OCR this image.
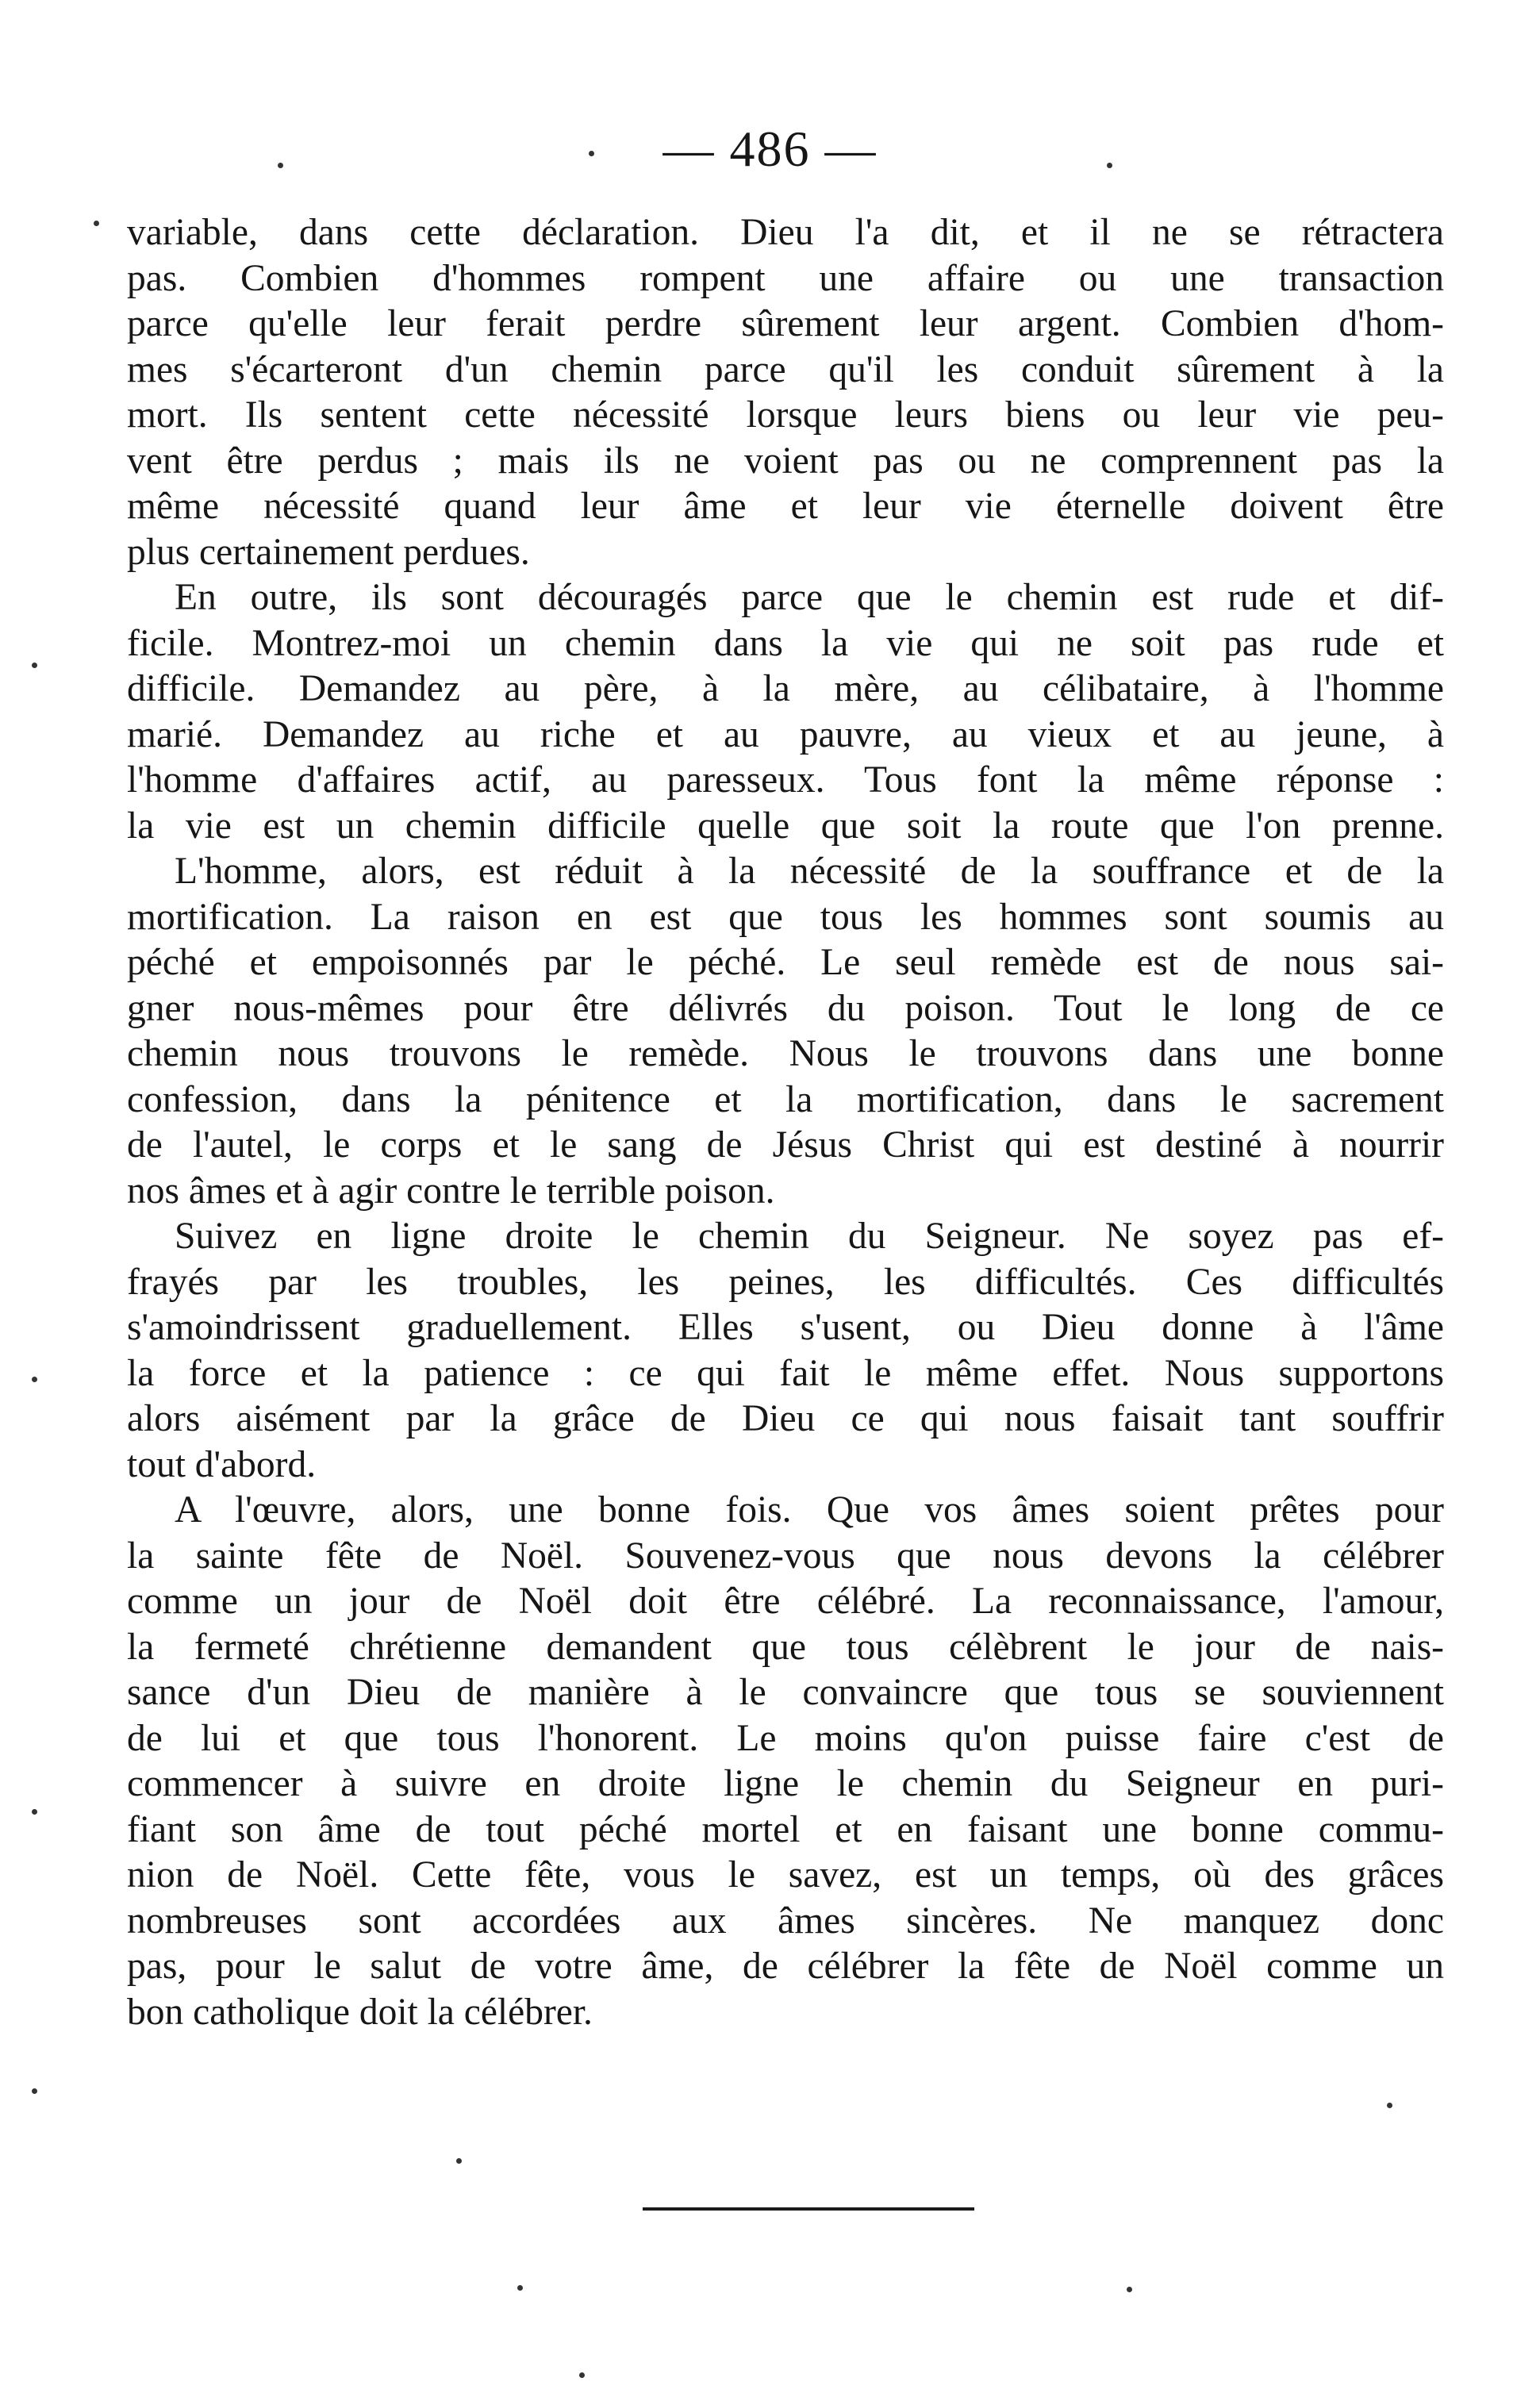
— 486 —
variable, dans cette déclaration. Dieu l'a dit, et il ne se rétractera
pas. Combien d'hommes rompent une affaire ou une transaction
parce qu'elle leur ferait perdre sûrement leur argent. Combien d'hom-
mes s'écarteront d'un chemin parce qu'il les conduit sûrement à la
mort. Ils sentent cette nécessité lorsque leurs biens ou leur vie peu-
vent être perdus ; mais ils ne voient pas ou ne comprennent pas la
même nécessité quand leur âme et leur vie éternelle doivent être
plus certainement perdues.
En outre, ils sont découragés parce que le chemin est rude et dif-
ficile. Montrez-moi un chemin dans la vie qui ne soit pas rude et
difficile. Demandez au père, à la mère, au célibataire, à l'homme
marié. Demandez au riche et au pauvre, au vieux et au jeune, à
l'homme d'affaires actif, au paresseux. Tous font la même réponse :
la vie est un chemin difficile quelle que soit la route que l'on prenne.
L'homme, alors, est réduit à la nécessité de la souffrance et de la
mortification. La raison en est que tous les hommes sont soumis au
péché et empoisonnés par le péché. Le seul remède est de nous sai-
gner nous-mêmes pour être délivrés du poison. Tout le long de ce
chemin nous trouvons le remède. Nous le trouvons dans une bonne
confession, dans la pénitence et la mortification, dans le sacrement
de l'autel, le corps et le sang de Jésus Christ qui est destiné à nourrir
nos âmes et à agir contre le terrible poison.
Suivez en ligne droite le chemin du Seigneur. Ne soyez pas ef-
frayés par les troubles, les peines, les difficultés. Ces difficultés
s'amoindrissent graduellement. Elles s'usent, ou Dieu donne à l'âme
la force et la patience : ce qui fait le même effet. Nous supportons
alors aisément par la grâce de Dieu ce qui nous faisait tant souffrir
tout d'abord.
A l'œuvre, alors, une bonne fois. Que vos âmes soient prêtes pour
la sainte fête de Noël. Souvenez-vous que nous devons la célébrer
comme un jour de Noël doit être célébré. La reconnaissance, l'amour,
la fermeté chrétienne demandent que tous célèbrent le jour de nais-
sance d'un Dieu de manière à le convaincre que tous se souviennent
de lui et que tous l'honorent. Le moins qu'on puisse faire c'est de
commencer à suivre en droite ligne le chemin du Seigneur en puri-
fiant son âme de tout péché mortel et en faisant une bonne commu-
nion de Noël. Cette fête, vous le savez, est un temps, où des grâces
nombreuses sont accordées aux âmes sincères. Ne manquez donc
pas, pour le salut de votre âme, de célébrer la fête de Noël comme un
bon catholique doit la célébrer.
